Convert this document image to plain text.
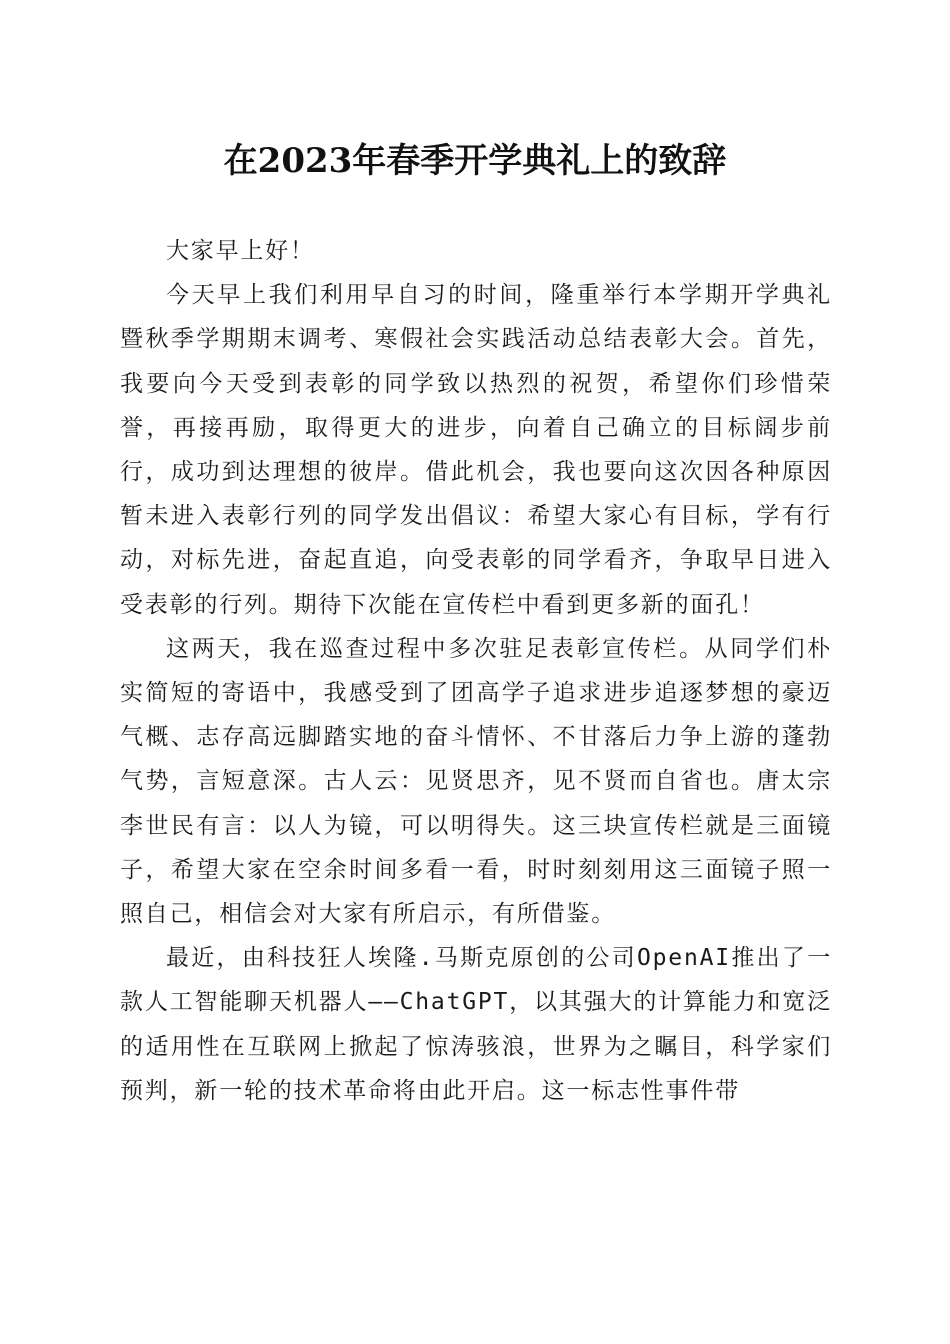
在2023年春季开学典礼上的致辞

大家早上好！

今天早上我们利用早自习的时间，隆重举行本学期开学典礼暨秋季学期期末调考、寒假社会实践活动总结表彰大会。首先，我要向今天受到表彰的同学致以热烈的祝贺，希望你们珍惜荣誉，再接再励，取得更大的进步，向着自己确立的目标阔步前行，成功到达理想的彼岸。借此机会，我也要向这次因各种原因暂未进入表彰行列的同学发出倡议：希望大家心有目标，学有行动，对标先进，奋起直追，向受表彰的同学看齐，争取早日进入受表彰的行列。期待下次能在宣传栏中看到更多新的面孔！

这两天，我在巡查过程中多次驻足表彰宣传栏。从同学们朴实简短的寄语中，我感受到了团高学子追求进步追逐梦想的豪迈气概、志存高远脚踏实地的奋斗情怀、不甘落后力争上游的蓬勃气势，言短意深。古人云：见贤思齐，见不贤而自省也。唐太宗李世民有言：以人为镜，可以明得失。这三块宣传栏就是三面镜子，希望大家在空余时间多看一看，时时刻刻用这三面镜子照一照自己，相信会对大家有所启示，有所借鉴。

最近，由科技狂人埃隆.马斯克原创的公司OpenAI推出了一款人工智能聊天机器人——ChatGPT，以其强大的计算能力和宽泛的适用性在互联网上掀起了惊涛骇浪，世界为之瞩目，科学家们预判，新一轮的技术革命将由此开启。这一标志性事件带
